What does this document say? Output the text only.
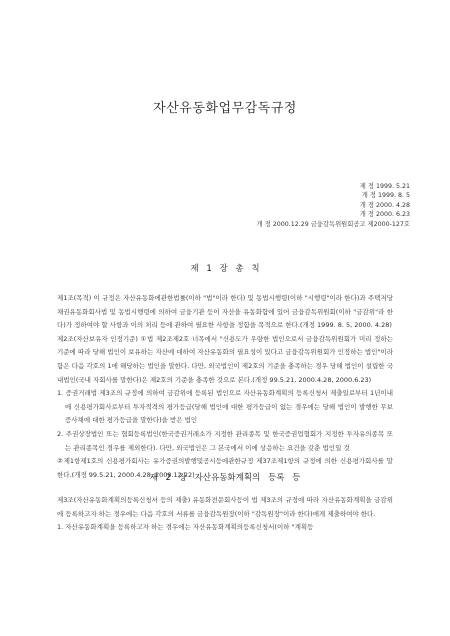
자산유동화업무감독규정
제 정 1999. 5.21
개 정 1999. 8. 5
개 정 2000. 4.28
개 정 2000. 6.23
개 정 2000.12.29 금융감독위원회공고 제2000-127호
제 1 장 총 칙
제1조(목적) 이 규정은 자산유동화에관한법률(이하 "법"이라 한다) 및 동법시행령(이하 "시행령"이라 한다)과 주택저당채권유동화회사법 및 동법시행령에 의하여 금융기관 등이 자산을 유동화함에 있어 금융감독위원회(이하 "금감위"라 한다)가 정하여야 할 사항과 이의 처리 등에 관하여 필요한 사항을 정함을 목적으로 한다.(개정 1999. 8. 5, 2000. 4.28)
제2조(자산보유자 인정기준) ①법 제2조제2호 너목에서 "신용도가 우량한 법인으로서 금융감독위원회가 미리 정하는 기준에 따라 당해 법인이 보유하는 자산에 대하여 자산유동화의 필요성이 있다고 금융감독위원회가 인정하는 법인"이라 함은 다음 각호의 1에 해당하는 법인을 말한다. 다만, 외국법인이 제2호의 기준을 충족하는 경우 당해 법인이 설립한 국내법인(국내 자회사를 말한다)은 제2호의 기준을 충족한 것으로 본다.(개정 99.5.21, 2000.4.28, 2000.6.23)
1. 증권거래법 제3조의 규정에 의하여 금감위에 등록된 법인으로 자산유동화계획의 등록신청서 제출일로부터 1년이내에 신용평가회사로부터 투자적격의 평가등급(당해 법인에 대한 평가등급이 없는 경우에는 당해 법인이 발행한 무보증사채에 대한 평가등급을 말한다)을 받은 법인
2. 주권상장법인 또는 협회등록법인(한국증권거래소가 지정한 관리종목 및 한국증권업협회가 지정한 투자유의종목 또는 관리종목인 경우를 제외한다). 다만, 외국법인은 그 본국에서 이에 상응하는 요건을 갖춘 법인일 것
②제1항제1호의 신용평가회사는 유가증권의발행및공시등에관한규정 제37조제1항의 규정에 의한 신용평가회사를 말한다.(개정 99.5.21, 2000.4.28, 2000.12.22)
제 2 장 자산유동화계획의 등록 등
제3조(자산유동화계획의등록신청서 등의 제출) 유동화전문회사등이 법 제3조의 규정에 따라 자산유동화계획을 금감위에 등록하고자 하는 경우에는 다음 각호의 서류를 금융감독원장(이하 "감독원장"이라 한다)에게 제출하여야 한다.
1. 자산유동화계획을 등록하고자 하는 경우에는 자산유동화계획의등록신청서(이하 "계획등
